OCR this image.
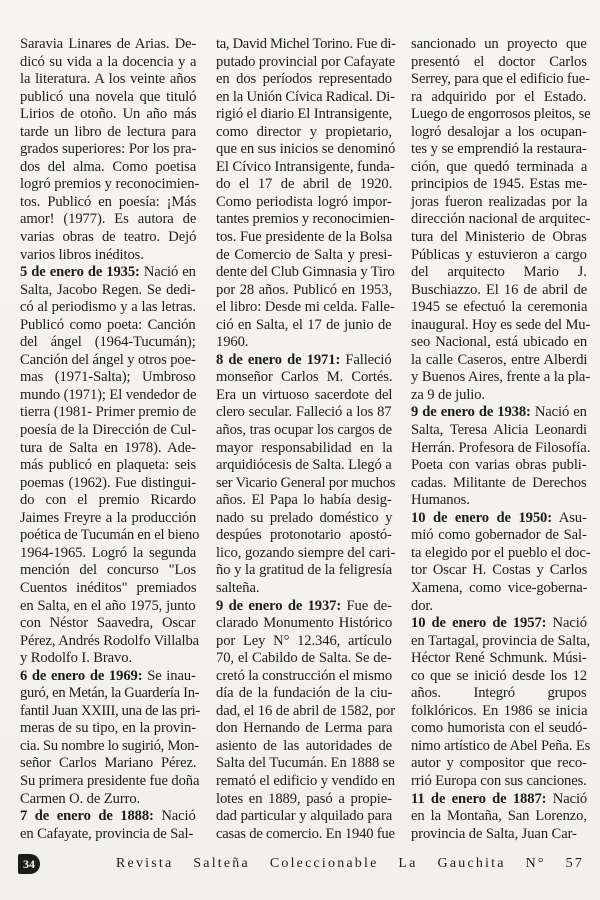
Saravia Linares de Arias. De-
dicó su vida a la docencia y a
la literatura. A los veinte años
publicó una novela que tituló
Lirios de otoño. Un año más
tarde un libro de lectura para
grados superiores: Por los pra-
dos del alma. Como poetisa
logró premios y reconocimien-
tos. Publicó en poesía: ¡Más
amor! (1977). Es autora de
varias obras de teatro. Dejó
varios libros inéditos.
5 de enero de 1935: Nació en
Salta, Jacobo Regen. Se dedi-
có al periodismo y a las letras.
Publicó como poeta: Canción
del ángel (1964-Tucumán);
Canción del ángel y otros poe-
mas (1971-Salta); Umbroso
mundo (1971); El vendedor de
tierra (1981- Primer premio de
poesía de la Dirección de Cul-
tura de Salta en 1978). Ade-
más publicó en plaqueta: seis
poemas (1962). Fue distingui-
do con el premio Ricardo
Jaimes Freyre a la producción
poética de Tucumán en el bieno
1964-1965. Logró la segunda
mención del concurso "Los
Cuentos inéditos" premiados
en Salta, en el año 1975, junto
con Néstor Saavedra, Oscar
Pérez, Andrés Rodolfo Villalba
y Rodolfo I. Bravo.
6 de enero de 1969: Se inau-
guró, en Metán, la Guardería In-
fantil Juan XXIII, una de las pri-
meras de su tipo, en la provin-
cia. Su nombre lo sugirió, Mon-
señor Carlos Mariano Pérez.
Su primera presidente fue doña
Carmen O. de Zurro.
7 de enero de 1888: Nació
en Cafayate, provincia de Sal-
ta, David Michel Torino. Fue di-
putado provincial por Cafayate
en dos períodos representado
en la Unión Cívica Radical. Di-
rigió el diario El Intransigente,
como director y propietario,
que en sus inicios se denominó
El Cívico Intransigente, funda-
do el 17 de abril de 1920.
Como periodista logró impor-
tantes premios y reconocimien-
tos. Fue presidente de la Bolsa
de Comercio de Salta y presi-
dente del Club Gimnasia y Tiro
por 28 años. Publicó en 1953,
el libro: Desde mi celda. Falle-
ció en Salta, el 17 de junio de
1960.
8 de enero de 1971: Falleció
monseñor Carlos M. Cortés.
Era un virtuoso sacerdote del
clero secular. Falleció a los 87
años, tras ocupar los cargos de
mayor responsabilidad en la
arquidiócesis de Salta. Llegó a
ser Vicario General por muchos
años. El Papa lo había desig-
nado su prelado doméstico y
despúes protonotario apostó-
lico, gozando siempre del cari-
ño y la gratitud de la feligresía
salteña.
9 de enero de 1937: Fue de-
clarado Monumento Histórico
por Ley N° 12.346, artículo
70, el Cabildo de Salta. Se de-
cretó la construcción el mismo
día de la fundación de la ciu-
dad, el 16 de abril de 1582, por
don Hernando de Lerma para
asiento de las autoridades de
Salta del Tucumán. En 1888 se
remató el edificio y vendido en
lotes en 1889, pasó a propie-
dad particular y alquilado para
casas de comercio. En 1940 fue
sancionado un proyecto que
presentó el doctor Carlos
Serrey, para que el edificio fue-
ra adquirido por el Estado.
Luego de engorrosos pleitos, se
logró desalojar a los ocupan-
tes y se emprendió la restaura-
ción, que quedó terminada a
principios de 1945. Estas me-
joras fueron realizadas por la
dirección nacional de arquitec-
tura del Ministerio de Obras
Públicas y estuvieron a cargo
del arquitecto Mario J.
Buschiazzo. El 16 de abril de
1945 se efectuó la ceremonia
inaugural. Hoy es sede del Mu-
seo Nacional, está ubicado en
la calle Caseros, entre Alberdi
y Buenos Aires, frente a la pla-
za 9 de julio.
9 de enero de 1938: Nació en
Salta, Teresa Alicia Leonardi
Herrán. Profesora de Filosofía.
Poeta con varias obras publi-
cadas. Militante de Derechos
Humanos.
10 de enero de 1950: Asu-
mió como gobernador de Sal-
ta elegido por el pueblo el doc-
tor Oscar H. Costas y Carlos
Xamena, como vice-goberna-
dor.
10 de enero de 1957: Nació
en Tartagal, provincia de Salta,
Héctor René Schmunk. Músi-
co que se inició desde los 12
años. Integró grupos
folklóricos. En 1986 se inicia
como humorista con el seudó-
nimo artístico de Abel Peña. Es
autor y compositor que reco-
rrió Europa con sus canciones.
11 de enero de 1887: Nació
en la Montaña, San Lorenzo,
provincia de Salta, Juan Car-
34	Revista Salteña Coleccionable La Gauchita N° 57
